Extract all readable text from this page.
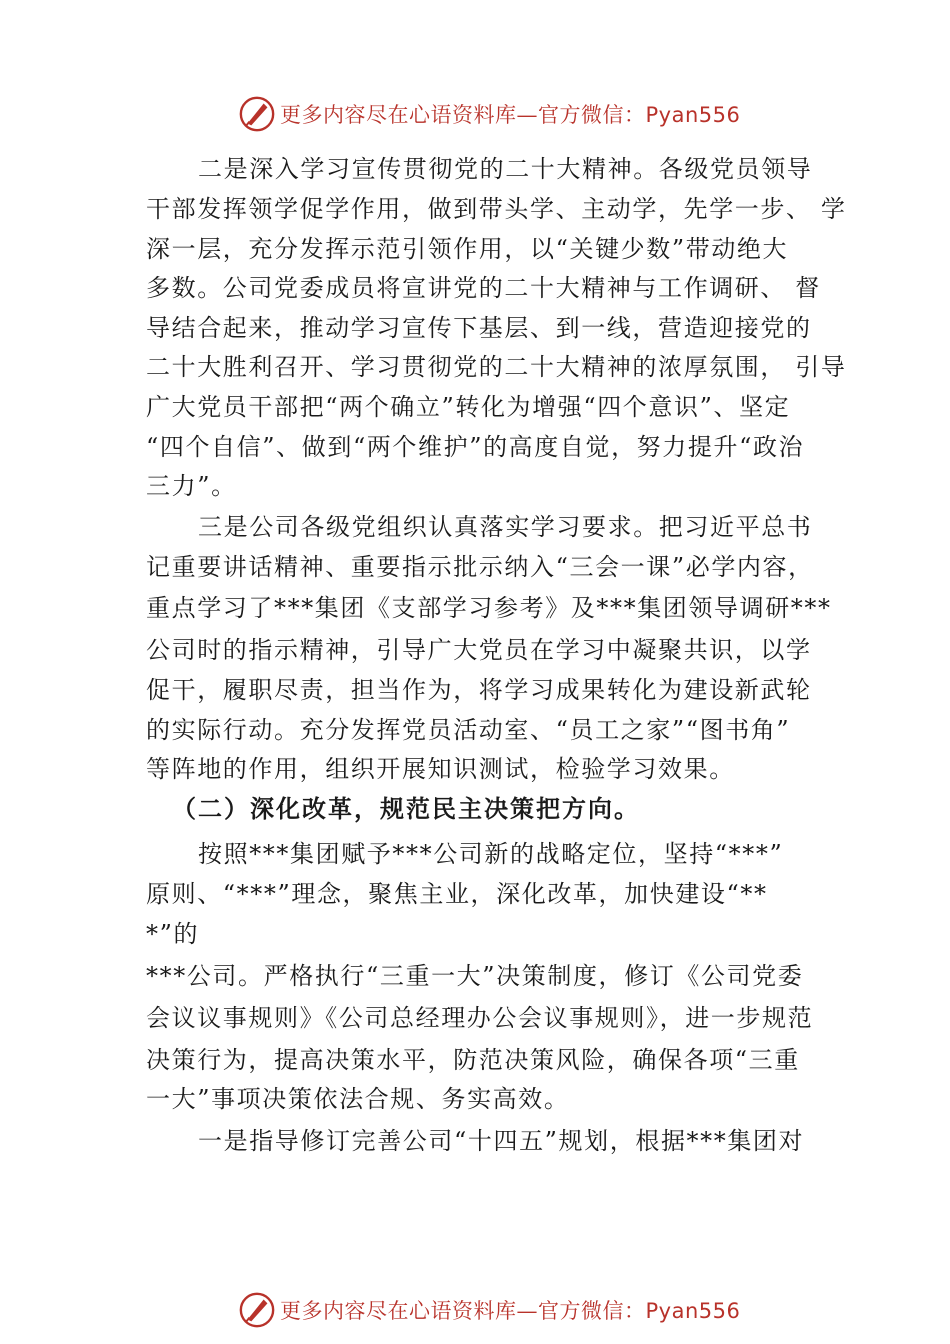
更多内容尽在心语资料库—官方微信：Pyan556
二是深入学习宣传贯彻党的二十大精神。各级党员领导
干部发挥领学促学作用，做到带头学、主动学，先学一步、 学
深一层，充分发挥示范引领作用，以“关键少数”带动绝大
多数。公司党委成员将宣讲党的二十大精神与工作调研、 督
导结合起来，推动学习宣传下基层、到一线，营造迎接党的
二十大胜利召开、学习贯彻党的二十大精神的浓厚氛围， 引导
广大党员干部把“两个确立”转化为增强“四个意识”、坚定
“四个自信”、做到“两个维护”的高度自觉，努力提升“政治
三力”。
三是公司各级党组织认真落实学习要求。把习近平总书
记重要讲话精神、重要指示批示纳入“三会一课”必学内容，
重点学习了***集团《支部学习参考》及***集团领导调研***
公司时的指示精神，引导广大党员在学习中凝聚共识，以学
促干，履职尽责，担当作为，将学习成果转化为建设新武轮
的实际行动。充分发挥党员活动室、“员工之家”“图书角”
等阵地的作用，组织开展知识测试，检验学习效果。
（二）深化改革，规范民主决策把方向。
按照***集团赋予***公司新的战略定位，坚持“***”
原则、“***”理念，聚焦主业，深化改革，加快建设“**
*”的
***公司。严格执行“三重一大”决策制度，修订《公司党委
会议议事规则》《公司总经理办公会议事规则》，进一步规范
决策行为，提高决策水平，防范决策风险，确保各项“三重
一大”事项决策依法合规、务实高效。
一是指导修订完善公司“十四五”规划，根据***集团对
更多内容尽在心语资料库—官方微信：Pyan556
